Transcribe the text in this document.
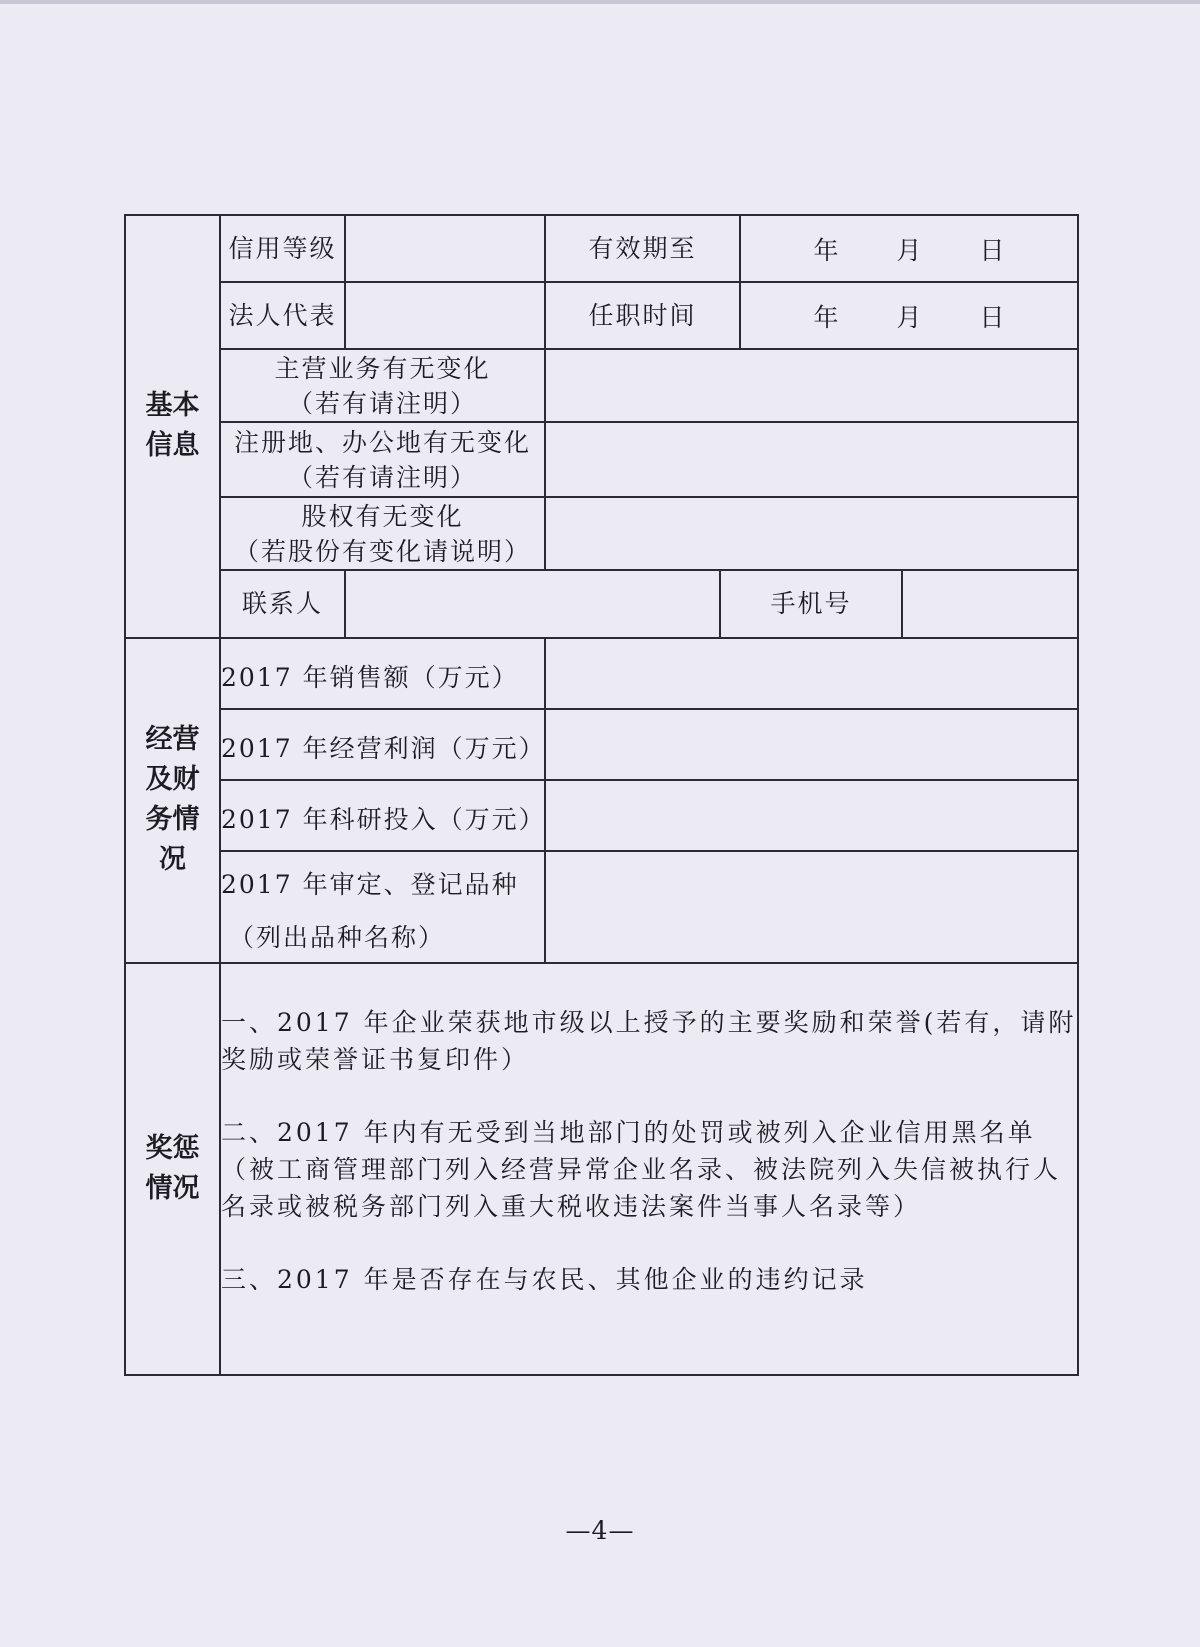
基本信息	信用等级		有效期至		年 月 日	
	法人代表		任职时间		年 月 日	

	主营业务有无变化
（若有请注明）					

	注册地、办公地有无变化
（若有请注明）					

	股权有无变化
（若股份有变化请说明）					

	联系人			手机号		

经营及财务情况	2017 年销售额（万元）					

	2017 年经营利润（万元）					

	2017 年科研投入（万元）					

	2017 年审定、登记品种
（列出品种名称）					

奖惩情况	一、2017 年企业荣获地市级以上授予的主要奖励和荣誉(若有，请附奖励或荣誉证书复印件）

二、2017 年内有无受到当地部门的处罚或被列入企业信用黑名单（被工商管理部门列入经营异常企业名录、被法院列入失信被执行人名录或被税务部门列入重大税收违法案件当事人名录等）

三、2017 年是否存在与农民、其他企业的违约记录					

—4—
